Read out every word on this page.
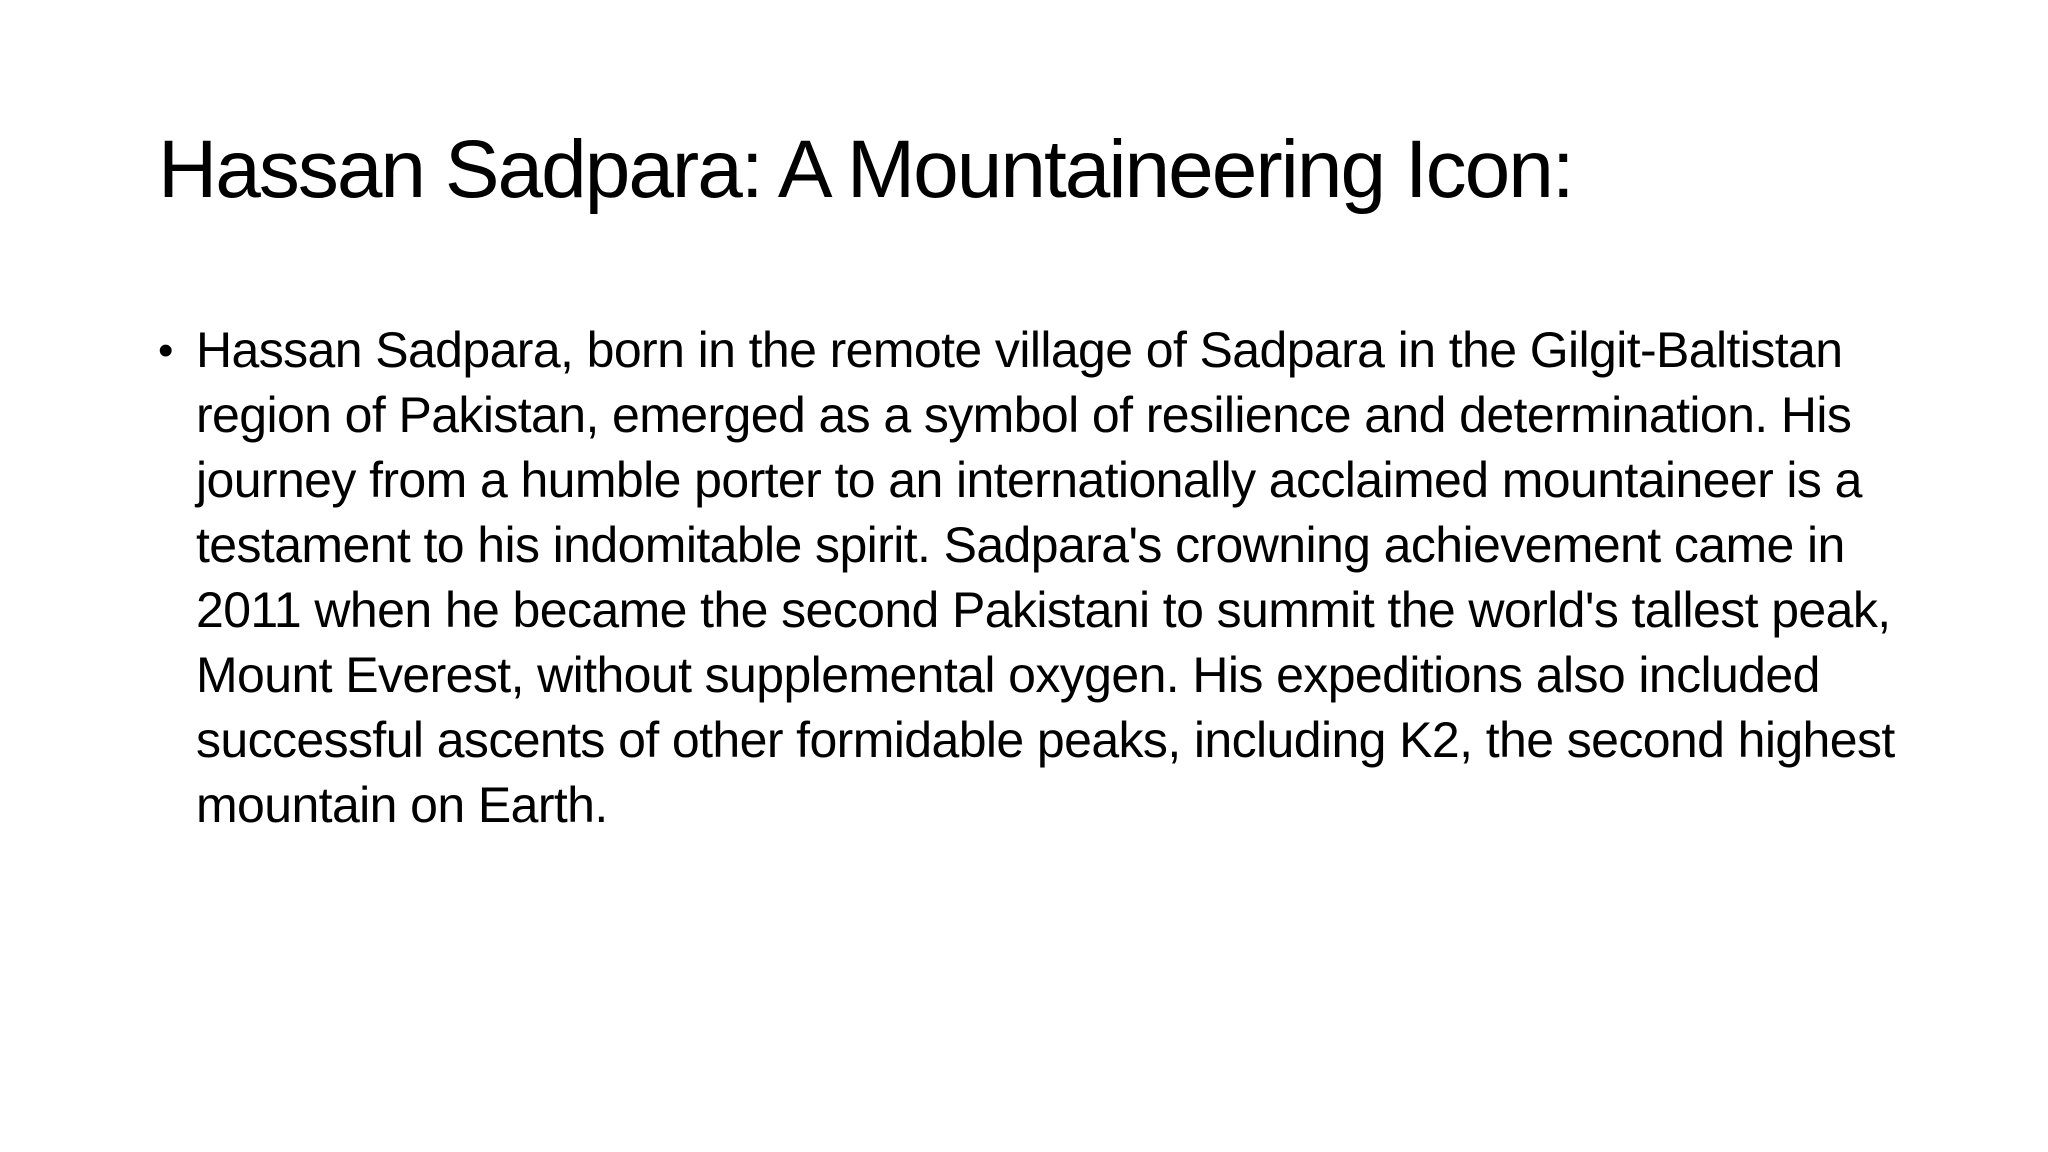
Hassan Sadpara: A Mountaineering Icon:
• Hassan Sadpara, born in the remote village of Sadpara in the Gilgit-Baltistan region of Pakistan, emerged as a symbol of resilience and determination. His journey from a humble porter to an internationally acclaimed mountaineer is a testament to his indomitable spirit. Sadpara's crowning achievement came in 2011 when he became the second Pakistani to summit the world's tallest peak, Mount Everest, without supplemental oxygen. His expeditions also included successful ascents of other formidable peaks, including K2, the second highest mountain on Earth.
